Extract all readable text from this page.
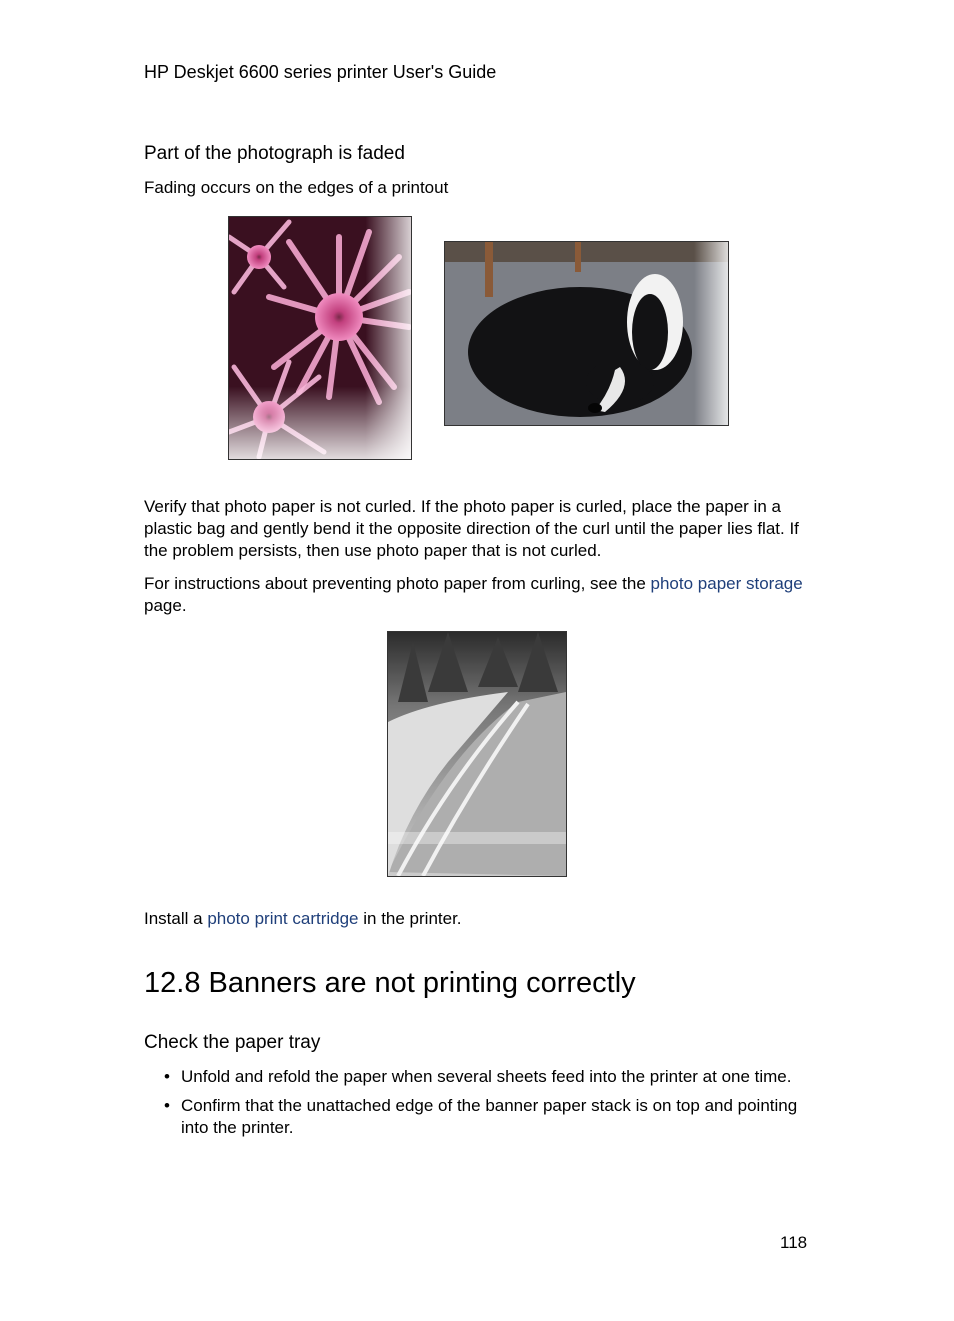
HP Deskjet 6600 series printer User's Guide
Part of the photograph is faded
Fading occurs on the edges of a printout
Verify that photo paper is not curled. If the photo paper is curled, place the paper in a plastic bag and gently bend it the opposite direction of the curl until the paper lies flat. If the problem persists, then use photo paper that is not curled.
For instructions about preventing photo paper from curling, see the photo paper storage page.
Install a photo print cartridge in the printer.
12.8 Banners are not printing correctly
Check the paper tray
• Unfold and refold the paper when several sheets feed into the printer at one time.
• Confirm that the unattached edge of the banner paper stack is on top and pointing into the printer.
118
